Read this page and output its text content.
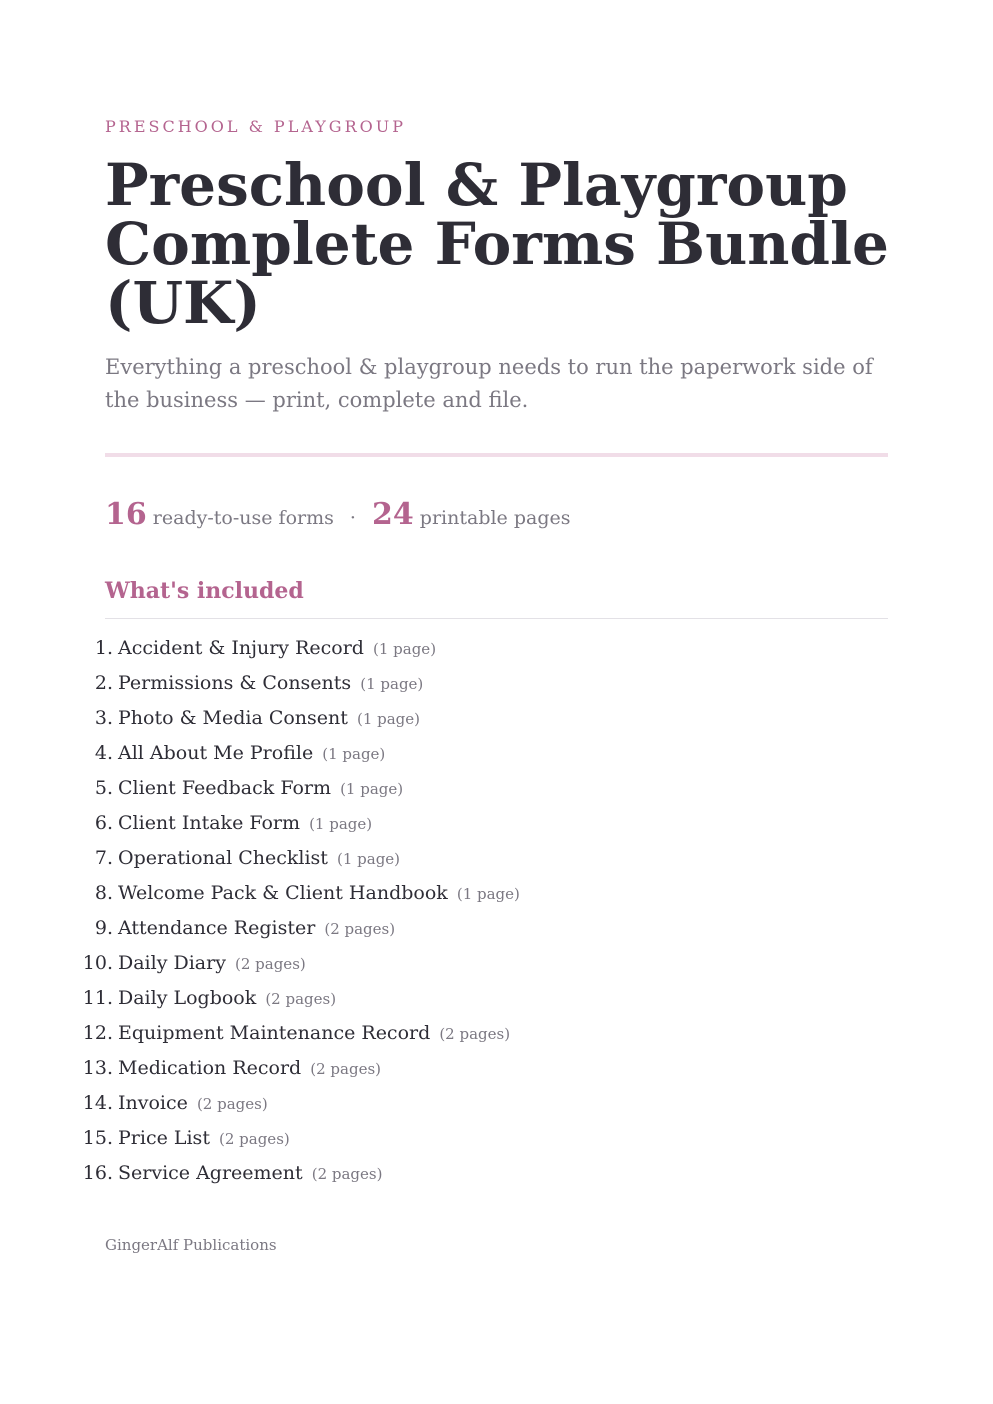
PRESCHOOL & PLAYGROUP
Preschool & Playgroup Complete Forms Bundle (UK)

Everything a preschool & playgroup needs to run the paperwork side of the business — print, complete and file.

16 ready-to-use forms · 24 printable pages
What's included
1. Accident & Injury Record (1 page)
2. Permissions & Consents (1 page)
3. Photo & Media Consent (1 page)
4. All About Me Profile (1 page)
5. Client Feedback Form (1 page)
6. Client Intake Form (1 page)
7. Operational Checklist (1 page)
8. Welcome Pack & Client Handbook (1 page)
9. Attendance Register (2 pages)
10. Daily Diary (2 pages)
11. Daily Logbook (2 pages)
12. Equipment Maintenance Record (2 pages)
13. Medication Record (2 pages)
14. Invoice (2 pages)
15. Price List (2 pages)
16. Service Agreement (2 pages)
GingerAlf Publications
